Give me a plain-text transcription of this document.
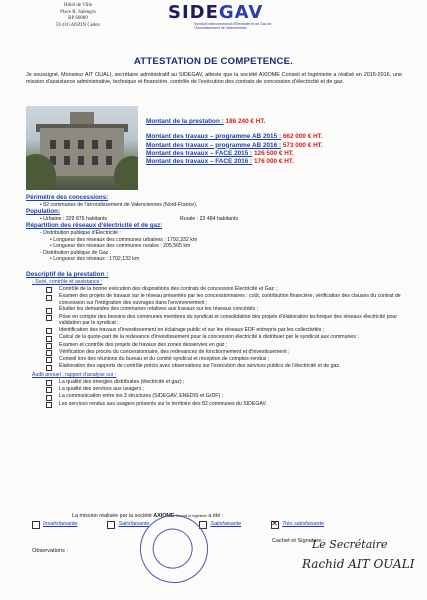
Hôtel de Ville
Place R. Salengro
BP 60089
59 416 ANZIN Cedex
SIDE GAV
Syndicat Intercommunal d'Électricité et de Gaz de l'Arrondissement de Valenciennes
ATTESTATION DE COMPETENCE.
Je soussigné, Monsieur AIT OUALI, secrétaire administratif au SIDEGAV, atteste que la société AXIOME Conseil et Ingénierie a réalisé en 2015-2016, une mission d'assistance administrative, technique et financière, contrôle de l'exécution des contrats de concession d'électricité et de gaz.
Montant de la prestation : 186 240 € HT.
Montant des travaux – programme AB 2015 : 662 000 € HT.
Montant des travaux – programme AB 2016 : 573 000 € HT.
Montant des travaux – FACE 2015 : 126 500 € HT.
Montant des travaux – FACE 2016 : 176 000 € HT.
Périmètre des concessions:
• 82 communes de l'arrondissement de Valenciennes (Nord-France).
Population:
• Urbaine : 329 875 habitants	Rurale : 23 484 habitants
Répartition des réseaux d'électricité et de gaz:
- Distribution publique d'Électricité :
• Longueur des réseaux des communes urbaines : 1792,332 km
• Longueur des réseaux des communes rurales : 205,565 km
- Distribution publique de Gaz :
• Longueur des réseaux : 1792,132 km
Descriptif de la prestation :
- Suivi, contrôle et assistance :
Contrôle de la bonne exécution des dispositions des contrats de concession Électricité et Gaz ;
Examen des projets de travaux sur le réseau présentés par les concessionnaires : coût, contribution financière, vérification des clauses du contrat de concession sur l'intégration des ouvrages dans l'environnement ;
Étudier les demandes des communes relatives aux travaux sur les réseaux concédés ;
Prise en compte des besoins des communes membres du syndicat et consolidation des projets d'élaboration technique des réseaux électricité pour validation par le syndicat ;
Identification des travaux d'investissement en éclairage public et sur les réseaux EDF entrepris par les collectivités ;
Calcul de la quote-part de la redevance d'investissement pour la concession électricité à distribuer par le syndicat aux communes ;
Examen et contrôle des projets de travaux des zones desservies en gaz ;
Vérification des procès du concessionnaire, des redevances de fonctionnement et d'investissement ;
Conseil lors des réunions du bureau et du comité syndical et réception de comptes-rendus ;
Élaboration des rapports de contrôle précis avec observations sur l'exécution des services publics de l'électricité et de gaz.
Audit annuel : rapport d'analyse sur :
La qualité des énergies distribuées (électricité et gaz) ;
La qualité des services aux usagers ;
La communication entre les 3 structures (SIDEGAV, ENEDIS et GrDF) ;
Les services rendus aux usagers présents sur le territoire des 82 communes du SIDEGAV.
La mission réalisée par la société AXIOME Conseil et Ingénierie a été :
Insatisfaisante	Satisfaisante	Satisfaisante
✕	Très satisfaisante
Observations :
Cachet et Signature :
Le Secrétaire
Rachid AIT OUALI
